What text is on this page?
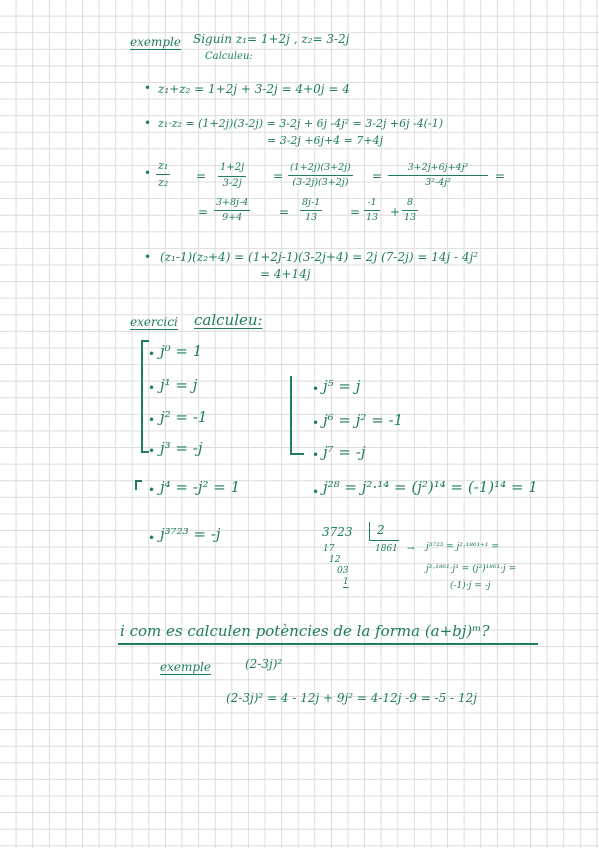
exemple Siguin z₁= 1+2j , z₂= 3-2j
Calculeu:
• z₁+z₂ = 1+2j + 3-2j = 4+0j = 4
• z₁·z₂ = (1+2j)(3-2j) = 3-2j + 6j -4j² = 3-2j +6j -4(-1)
= 3-2j +6j+4 = 7+4j
•
z₁
z₂ =
1+2j
3-2j	=
(1+2j)(3+2j)
(3-2j)(3+2j) =
3+2j+6j+4j²
3²-4j²	=
=
3+8j-4
9+4	=
8j-1
13	=
-1
13 +
8
13
• (z₁-1)(z₂+4) = (1+2j-1)(3-2j+4) = 2j (7-2j) = 14j - 4j²
= 4+14j
exercici calculeu:
• j⁰ = 1
• j¹ = j
• j² = -1
• j³ = -j
• j⁵ = j
• j⁶ = j² = -1
• j⁷ = -j
• j⁴ = -j² = 1	• j²⁸ = j²·¹⁴ = (j²)¹⁴ = (-1)¹⁴ = 1
• j³⁷²³ = -j	3723 2
17
12
03
1
1861 → j³⁷²³ = j²·¹⁸⁶¹⁺¹ =
j²·¹⁸⁶¹·j¹ = (j²)¹⁸⁶¹·j =
(-1)·j = -j
i com es calculen potències de la forma (a+bj)ᵐ?
exemple	(2-3j)²
(2-3j)² = 4 - 12j + 9j² = 4-12j -9 = -5 - 12j
